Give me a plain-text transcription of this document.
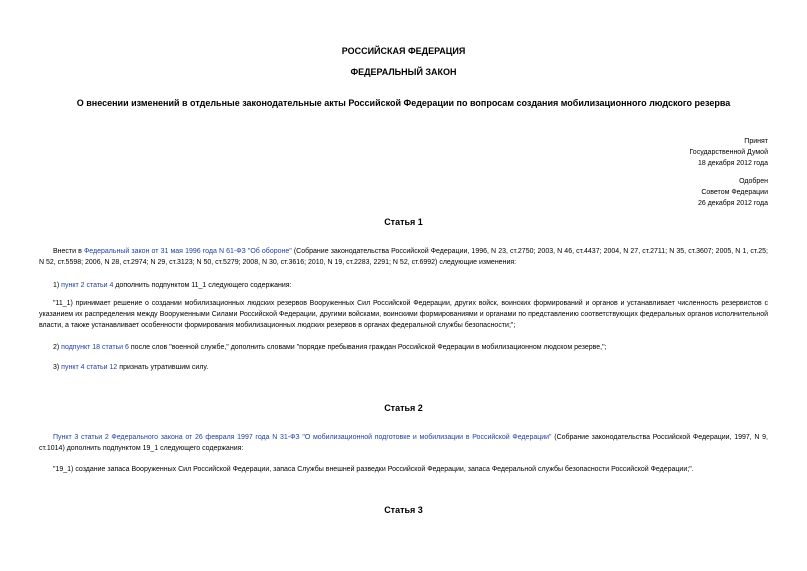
РОССИЙСКАЯ ФЕДЕРАЦИЯ
ФЕДЕРАЛЬНЫЙ ЗАКОН
О внесении изменений в отдельные законодательные акты Российской Федерации по вопросам создания мобилизационного людского резерва
Принят
Государственной Думой
18 декабря 2012 года
Одобрен
Советом Федерации
26 декабря 2012 года
Статья 1
Внести в Федеральный закон от 31 мая 1996 года N 61-ФЗ "Об обороне" (Собрание законодательства Российской Федерации, 1996, N 23, ст.2750; 2003, N 46, ст.4437; 2004, N 27, ст.2711; N 35, ст.3607; 2005, N 1, ст.25; N 52, ст.5598; 2006, N 28, ст.2974; N 29, ст.3123; N 50, ст.5279; 2008, N 30, ст.3616; 2010, N 19, ст.2283, 2291; N 52, ст.6992) следующие изменения:
1) пункт 2 статьи 4 дополнить подпунктом 11_1 следующего содержания:
"11_1) принимает решение о создании мобилизационных людских резервов Вооруженных Сил Российской Федерации, других войск, воинских формирований и органов и устанавливает численность резервистов с указанием их распределения между Вооруженными Силами Российской Федерации, другими войсками, воинскими формированиями и органами по представлению соответствующих федеральных органов исполнительной власти, а также устанавливает особенности формирования мобилизационных людских резервов в органах федеральной службы безопасности;";
2) подпункт 18 статьи 6 после слов "военной службе," дополнить словами "порядке пребывания граждан Российской Федерации в мобилизационном людском резерве,";
3) пункт 4 статьи 12 признать утратившим силу.
Статья 2
Пункт 3 статьи 2 Федерального закона от 26 февраля 1997 года N 31-ФЗ "О мобилизационной подготовке и мобилизации в Российской Федерации" (Собрание законодательства Российской Федерации, 1997, N 9, ст.1014) дополнить подпунктом 19_1 следующего содержания:
"19_1) создание запаса Вооруженных Сил Российской Федерации, запаса Службы внешней разведки Российской Федерации, запаса Федеральной службы безопасности Российской Федерации;".
Статья 3
